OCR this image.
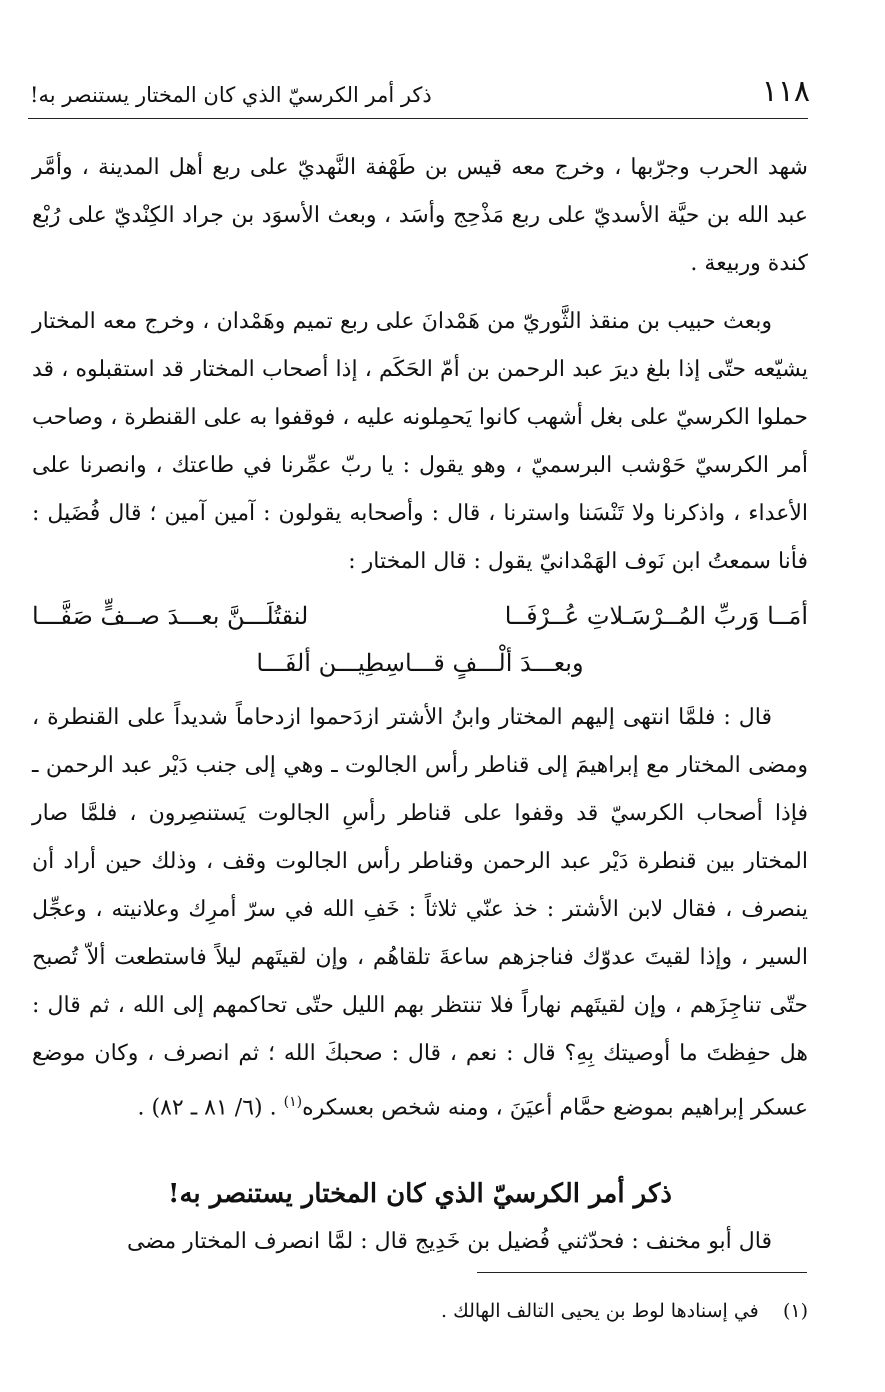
١١٨
ذكر أمر الكرسيّ الذي كان المختار يستنصر به!

شهد الحرب وجرّبها ، وخرج معه قيس بن طَهْفة النَّهديّ على ربع أهل المدينة ، وأمَّر عبد الله بن حيَّة الأسديّ على ربع مَذْحِج وأسَد ، وبعث الأسوَد بن جراد الكِنْديّ على رُبْع كندة وربيعة .

وبعث حبيب بن منقذ الثَّوريّ من هَمْدانَ على ربع تميم وهَمْدان ، وخرج معه المختار يشيّعه حتّى إذا بلغ ديرَ عبد الرحمن بن أمّ الحَكَم ، إذا أصحاب المختار قد استقبلوه ، قد حملوا الكرسيّ على بغل أشهب كانوا يَحمِلونه عليه ، فوقفوا به على القنطرة ، وصاحب أمر الكرسيّ حَوْشب البرسميّ ، وهو يقول : يا ربّ عمِّرنا في طاعتك ، وانصرنا على الأعداء ، واذكرنا ولا تَنْسَنا واسترنا ، قال : وأصحابه يقولون : آمين آمين ؛ قال فُضَيل : فأنا سمعتُ ابن نَوف الهَمْدانيّ يقول : قال المختار :

أمَــا وَربِّ المُــرْسَـلاتِ عُــرْفَــا
لنقتُلَـــنَّ بعـــدَ صــفٍّ صَفَّـــا
وبعـــدَ ألْـــفٍ قـــاسِطِيـــن ألفَـــا

قال : فلمَّا انتهى إليهم المختار وابنُ الأشتر ازدَحموا ازدحاماً شديداً على القنطرة ، ومضى المختار مع إبراهيمَ إلى قناطر رأس الجالوت ـ وهي إلى جنب دَيْر عبد الرحمن ـ فإذا أصحاب الكرسيّ قد وقفوا على قناطر رأسِ الجالوت يَستنصِرون ، فلمَّا صار المختار بين قنطرة دَيْر عبد الرحمن وقناطر رأس الجالوت وقف ، وذلك حين أراد أن ينصرف ، فقال لابن الأشتر : خذ عنّي ثلاثاً : خَفِ الله في سرّ أمرِك وعلانيته ، وعجِّل السير ، وإذا لقيتَ عدوّك فناجزهم ساعةَ تلقاهُم ، وإن لقيتَهم ليلاً فاستطعت ألاّ تُصبح حتّى تناجِزَهم ، وإن لقيتَهم نهاراً فلا تنتظر بهم الليل حتّى تحاكمهم إلى الله ، ثم قال : هل حفِظتَ ما أوصيتك بِهِ؟ قال : نعم ، قال : صحبكَ الله ؛ ثم انصرف ، وكان موضع عسكر إبراهيم بموضع حمَّام أعيَنَ ، ومنه شخص بعسكره$^{(١)}$ . (٦/ ٨١ ـ ٨٢) .

ذكر أمر الكرسيّ الذي كان المختار يستنصر به!

قال أبو مخنف : فحدّثني فُضيل بن خَدِيج قال : لمَّا انصرف المختار مضى

(١)    في إسنادها لوط بن يحيى التالف الهالك .
